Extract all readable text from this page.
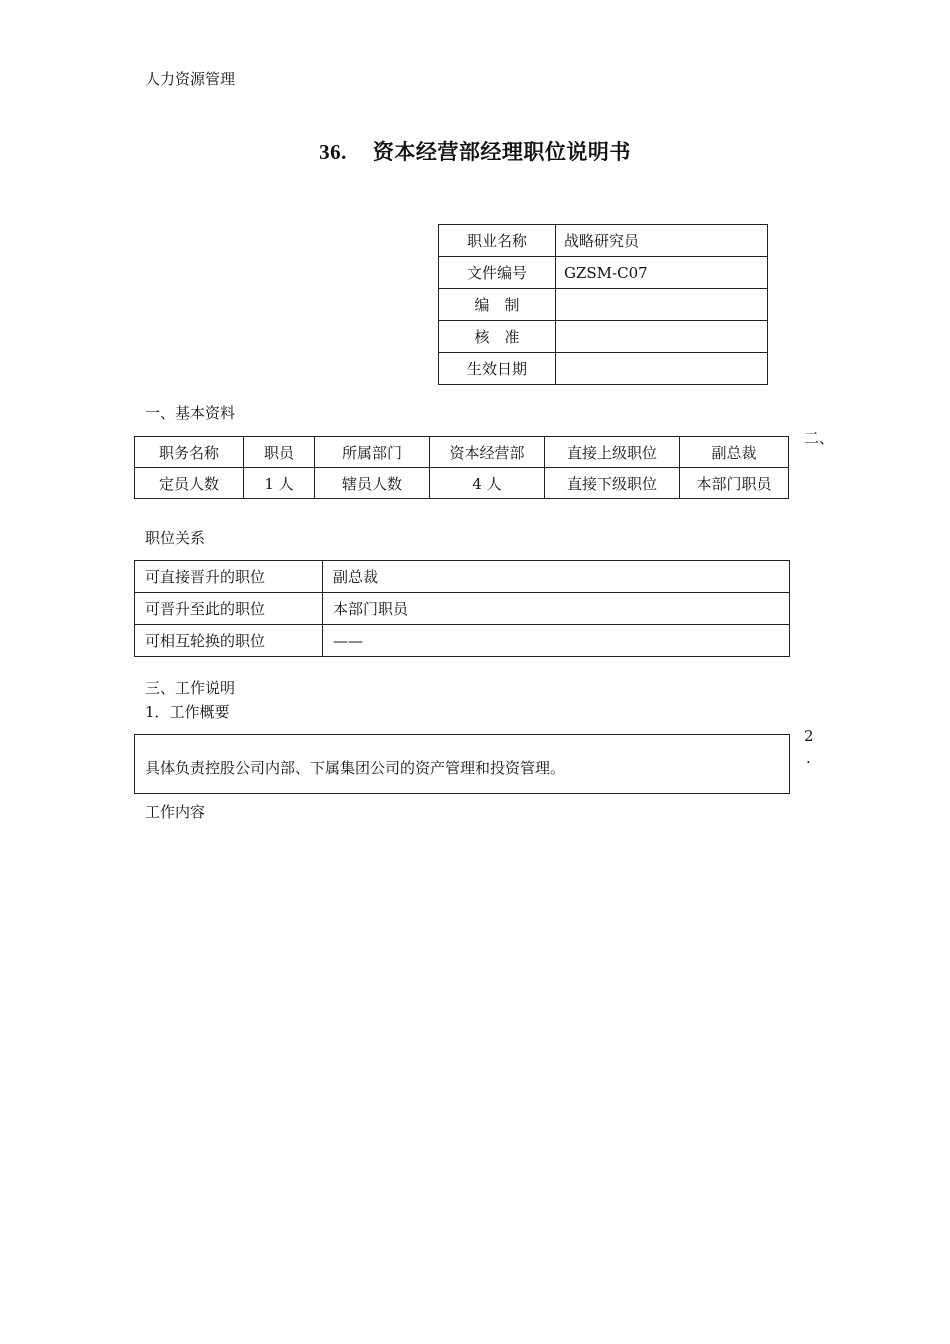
人力资源管理
36. 资本经营部经理职位说明书
职业名称	战略研究员
文件编号	GZSM-C07
编　制	
核　准	
生效日期	
一、基本资料
二、
职务名称	职员	所属部门	资本经营部	直接上级职位	副总裁
定员人数	1 人	辖员人数	4 人	直接下级职位	本部门职员
职位关系
可直接晋升的职位	副总裁
可晋升至此的职位	本部门职员
可相互轮换的职位	——
三、工作说明
1．工作概要
2
·
具体负责控股公司内部、下属集团公司的资产管理和投资管理。
工作内容
